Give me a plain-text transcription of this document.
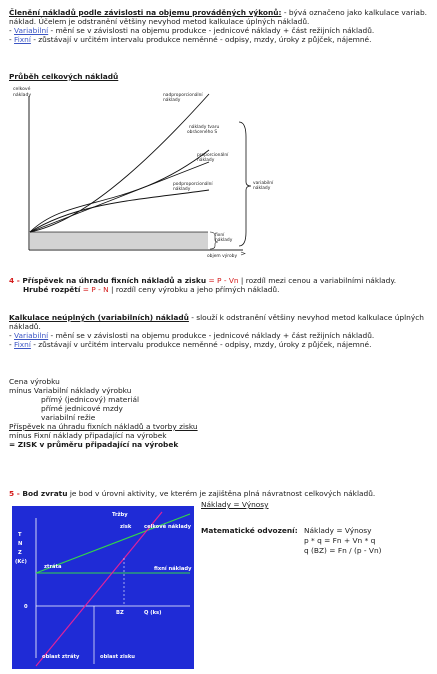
Členění nákladů podle závislosti na objemu prováděných výkonů: - bývá označeno jako kalkulace variab. náklad. Účelem je odstranění většiny nevyhod metod kalkulace úplných nákladů.
- Variabilní - mění se v závislosti na objemu produkce - jednicové náklady + část režijních nákladů.
- Fixní - zůstávají v určitém intervalu produkce neměnné - odpisy, mzdy, úroky z půjček, nájemné.
Průběh celkových nákladů
celkové
náklady	nadproporcionální
náklady
náklady tvaru
obráceného S
proporcionální
náklady
podproporcionální
náklady
variabilní
náklady
fixní
náklady
objem výroby
4 - Příspěvek na úhradu fixních nákladů a zisku = P - Vn | rozdíl mezi cenou a variabilními náklady.
Hrubé rozpětí = P - N | rozdíl ceny výrobku a jeho přímých nákladů.
Kalkulace neúplných (variabilních) nákladů - slouží k odstranění většiny nevyhod metod kalkulace úplných nákladů.
- Variabilní - mění se v závislosti na objemu produkce - jednicové náklady + část režijních nákladů.
- Fixní - zůstávají v určitém intervalu produkce neměnné - odpisy, mzdy, úroky z půjček, nájemné.
Cena výrobku
mínus Variabilní náklady výrobku
přímý (jednicový) materiál
přímé jednicové mzdy
variabilní režie
Příspěvek na úhradu fixních nákladů a tvorby zisku
mínus Fixní náklady připadající na výrobek
= ZISK v průměru připadající na výrobek
5 - Bod zvratu je bod v úrovni aktivity, ve kterém je zajištěna plná návratnost celkových nákladů.
Náklady = Výnosy
T
N
Z
(Kč)
Tržby
zisk celkové náklady
ztráta	fixní náklady
0
BZ	Q (ks)
oblast ztráty	oblast zisku
Matematické odvození: Náklady = Výnosy
p * q = Fn + Vn * q
q (BZ) = Fn / (p - Vn)
